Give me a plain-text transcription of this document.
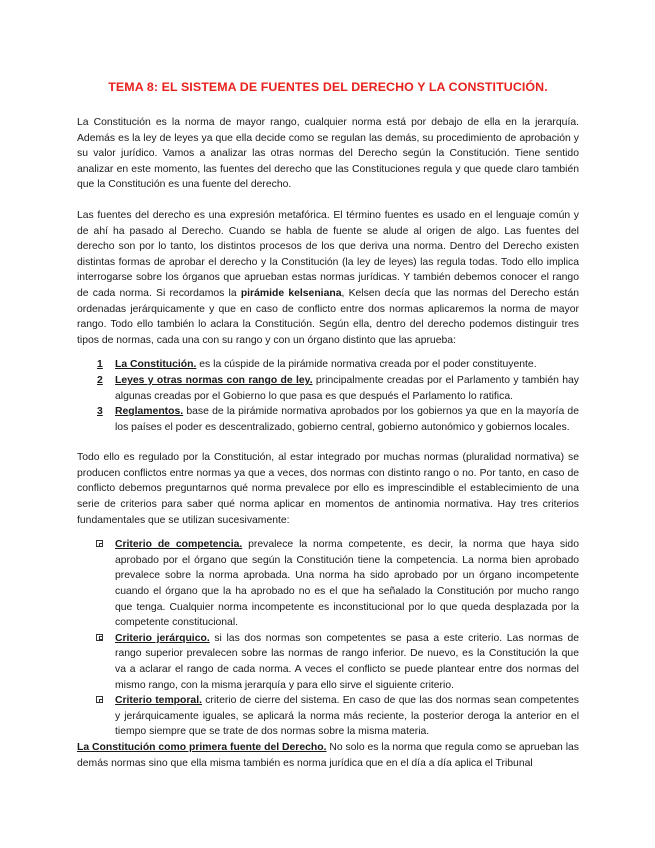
TEMA 8: EL SISTEMA DE FUENTES DEL DERECHO Y LA CONSTITUCIÓN.

La Constitución es la norma de mayor rango, cualquier norma está por debajo de ella en la jerarquía. Además es la ley de leyes ya que ella decide como se regulan las demás, su procedimiento de aprobación y su valor jurídico. Vamos a analizar las otras normas del Derecho según la Constitución. Tiene sentido analizar en este momento, las fuentes del derecho que las Constituciones regula y que quede claro también que la Constitución es una fuente del derecho.

Las fuentes del derecho es una expresión metafórica. El término fuentes es usado en el lenguaje común y de ahí ha pasado al Derecho. Cuando se habla de fuente se alude al origen de algo. Las fuentes del derecho son por lo tanto, los distintos procesos de los que deriva una norma. Dentro del Derecho existen distintas formas de aprobar el derecho y la Constitución (la ley de leyes) las regula todas. Todo ello implica interrogarse sobre los órganos que aprueban estas normas jurídicas. Y también debemos conocer el rango de cada norma. Si recordamos la pirámide kelseniana, Kelsen decía que las normas del Derecho están ordenadas jerárquicamente y que en caso de conflicto entre dos normas aplicaremos la norma de mayor rango. Todo ello también lo aclara la Constitución. Según ella, dentro del derecho podemos distinguir tres tipos de normas, cada una con su rango y con un órgano distinto que las aprueba:

1 La Constitución. es la cúspide de la pirámide normativa creada por el poder constituyente.
2 Leyes y otras normas con rango de ley. principalmente creadas por el Parlamento y también hay algunas creadas por el Gobierno lo que pasa es que después el Parlamento lo ratifica.
3 Reglamentos. base de la pirámide normativa aprobados por los gobiernos ya que en la mayoría de los países el poder es descentralizado, gobierno central, gobierno autonómico y gobiernos locales.

Todo ello es regulado por la Constitución, al estar integrado por muchas normas (pluralidad normativa) se producen conflictos entre normas ya que a veces, dos normas con distinto rango o no. Por tanto, en caso de conflicto debemos preguntarnos qué norma prevalece por ello es imprescindible el establecimiento de una serie de criterios para saber qué norma aplicar en momentos de antinomia normativa. Hay tres criterios fundamentales que se utilizan sucesivamente:

Criterio de competencia. prevalece la norma competente, es decir, la norma que haya sido aprobado por el órgano que según la Constitución tiene la competencia. La norma bien aprobado prevalece sobre la norma aprobada. Una norma ha sido aprobado por un órgano incompetente cuando el órgano que la ha aprobado no es el que ha señalado la Constitución por mucho rango que tenga. Cualquier norma incompetente es inconstitucional por lo que queda desplazada por la competente constitucional.
Criterio jerárquico. si las dos normas son competentes se pasa a este criterio. Las normas de rango superior prevalecen sobre las normas de rango inferior. De nuevo, es la Constitución la que va a aclarar el rango de cada norma. A veces el conflicto se puede plantear entre dos normas del mismo rango, con la misma jerarquía y para ello sirve el siguiente criterio.
Criterio temporal. criterio de cierre del sistema. En caso de que las dos normas sean competentes y jerárquicamente iguales, se aplicará la norma más reciente, la posterior deroga la anterior en el tiempo siempre que se trate de dos normas sobre la misma materia.

La Constitución como primera fuente del Derecho. No solo es la norma que regula como se aprueban las demás normas sino que ella misma también es norma jurídica que en el día a día aplica el Tribunal
